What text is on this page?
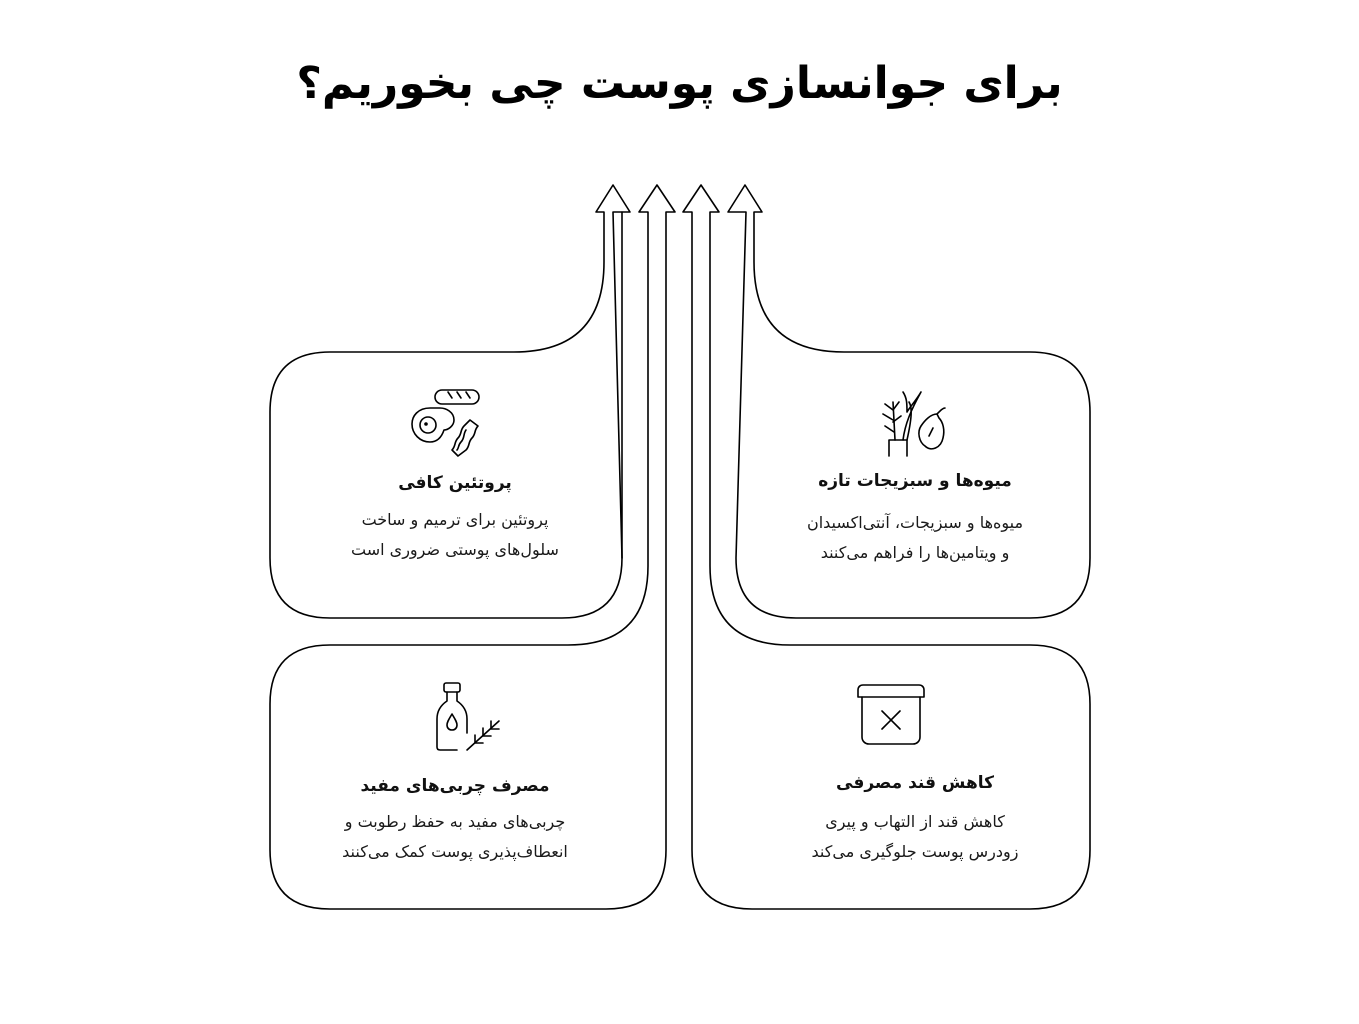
برای جوانسازی پوست چی بخوریم؟
پروتئین کافی
پروتئین برای ترمیم و ساخت
سلول‌های پوستی ضروری است
میوه‌ها و سبزیجات تازه
میوه‌ها و سبزیجات، آنتی‌اکسیدان
و ویتامین‌ها را فراهم می‌کنند
مصرف چربی‌های مفید
چربی‌های مفید به حفظ رطوبت و
انعطاف‌پذیری پوست کمک می‌کنند
کاهش قند مصرفی
کاهش قند از التهاب و پیری
زودرس پوست جلوگیری می‌کند
